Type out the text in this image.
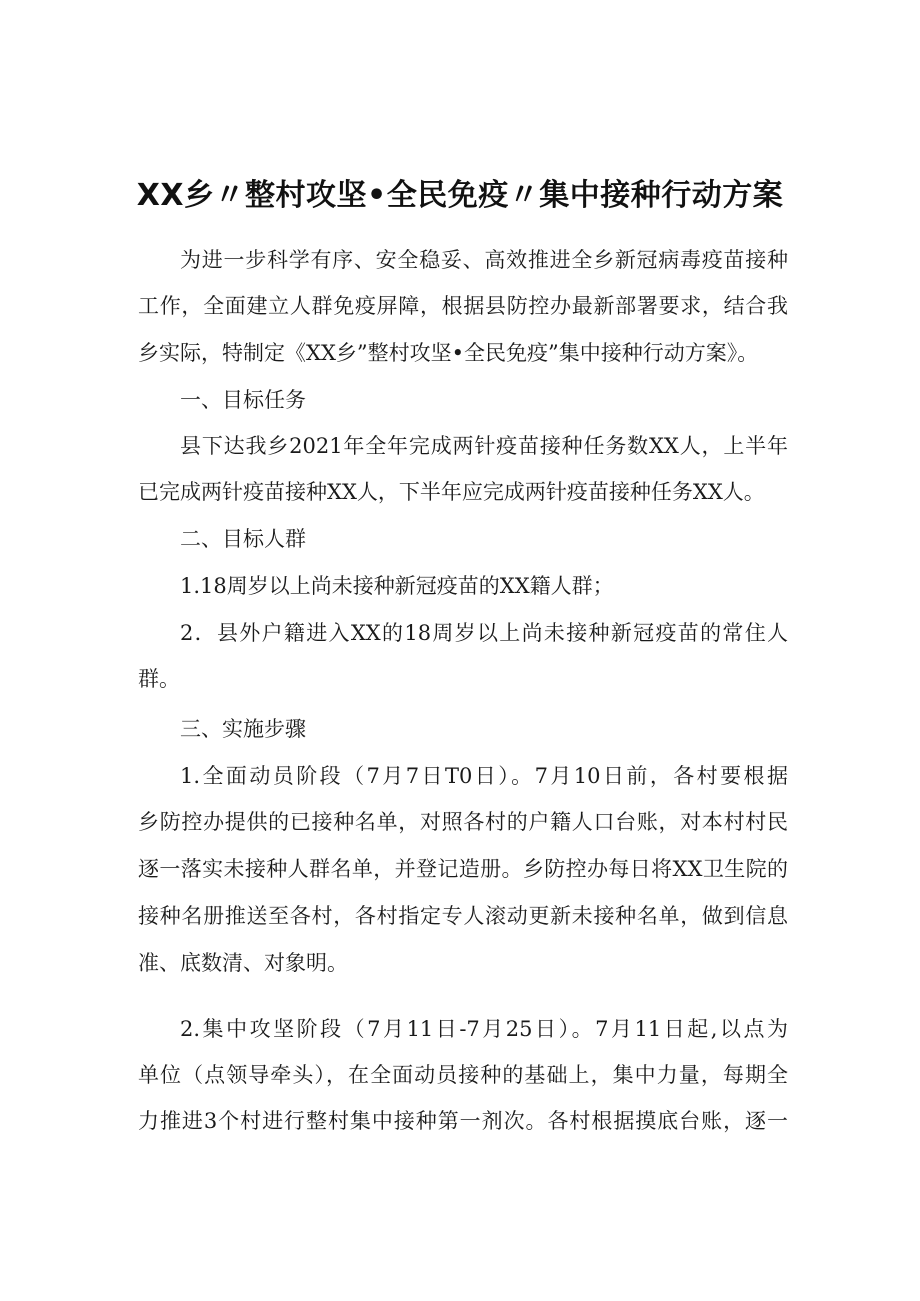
XX乡〃整村攻坚•全民免疫〃集中接种行动方案
为进一步科学有序、安全稳妥、高效推进全乡新冠病毒疫苗接种
工作，全面建立人群免疫屏障，根据县防控办最新部署要求，结合我
乡实际，特制定《XX乡”整村攻坚•全民免疫”集中接种行动方案》。
一、目标任务
县下达我乡2021年全年完成两针疫苗接种任务数XX人，上半年
已完成两针疫苗接种XX人，下半年应完成两针疫苗接种任务XX人。
二、目标人群
1.18周岁以上尚未接种新冠疫苗的XX籍人群；
2．县外户籍进入XX的18周岁以上尚未接种新冠疫苗的常住人
群。
三、实施步骤
1.全面动员阶段（7月7日T0日）。7月10日前，各村要根据
乡防控办提供的已接种名单，对照各村的户籍人口台账，对本村村民
逐一落实未接种人群名单，并登记造册。乡防控办每日将XX卫生院的
接种名册推送至各村，各村指定专人滚动更新未接种名单，做到信息
准、底数清、对象明。
2.集中攻坚阶段（7月11日-7月25日）。7月11日起,以点为
单位（点领导牵头），在全面动员接种的基础上，集中力量，每期全
力推进3个村进行整村集中接种第一剂次。各村根据摸底台账，逐一
